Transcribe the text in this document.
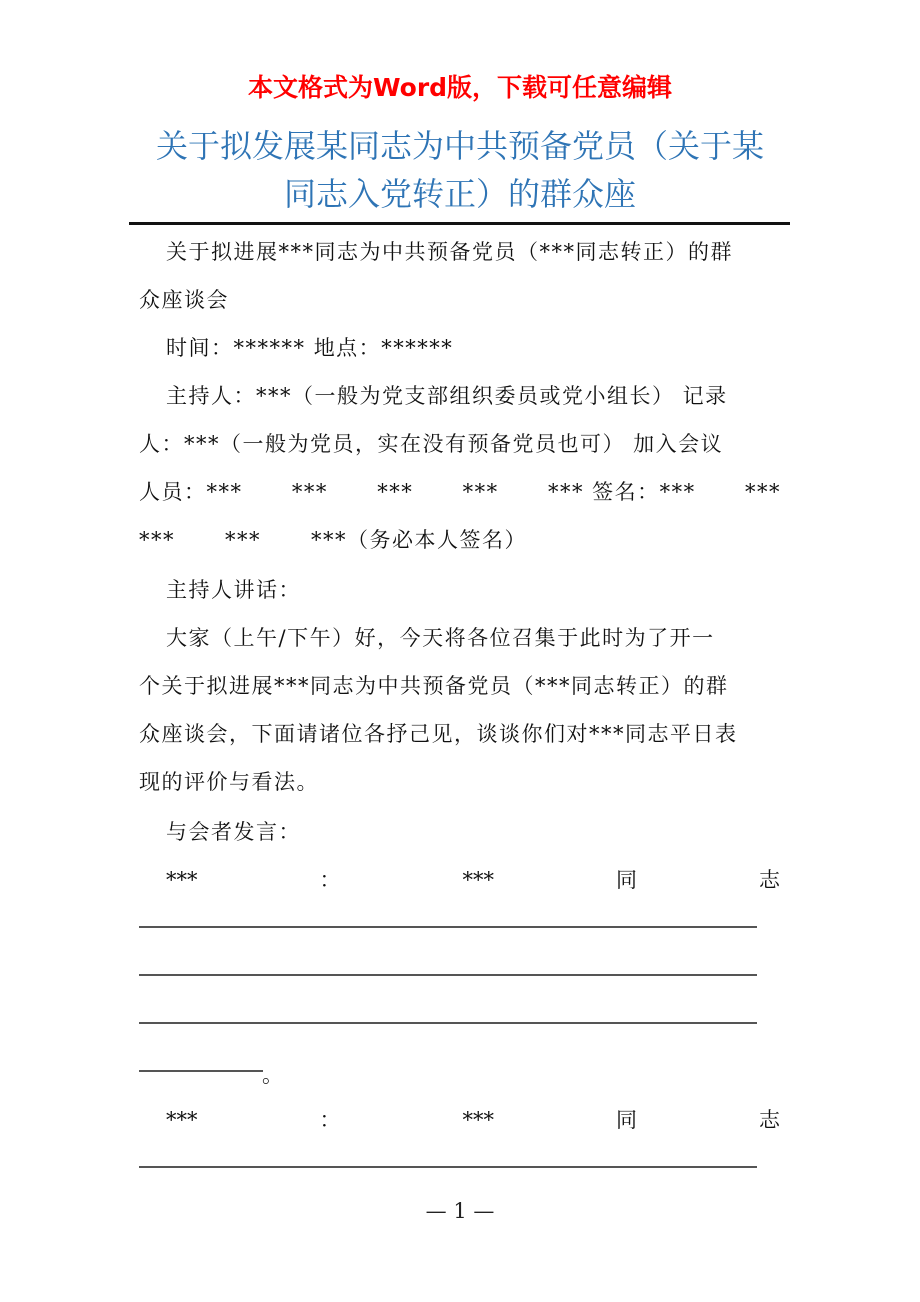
本文格式为Word版，下载可任意编辑
关于拟发展某同志为中共预备党员（关于某
同志入党转正）的群众座
关于拟进展***同志为中共预备党员（***同志转正）的群
众座谈会
时间：****** 地点：******
主持人：***（一般为党支部组织委员或党小组长） 记录
人：***（一般为党员，实在没有预备党员也可） 加入会议
人员：*** *** *** *** *** 签名：*** ***
*** *** ***（务必本人签名）
主持人讲话：
大家（上午/下午）好，今天将各位召集于此时为了开一
个关于拟进展***同志为中共预备党员（***同志转正）的群
众座谈会，下面请诸位各抒己见，谈谈你们对***同志平日表
现的评价与看法。
与会者发言：
***	：	***	同	志
。
***	：	***	同	志
— 1 —
